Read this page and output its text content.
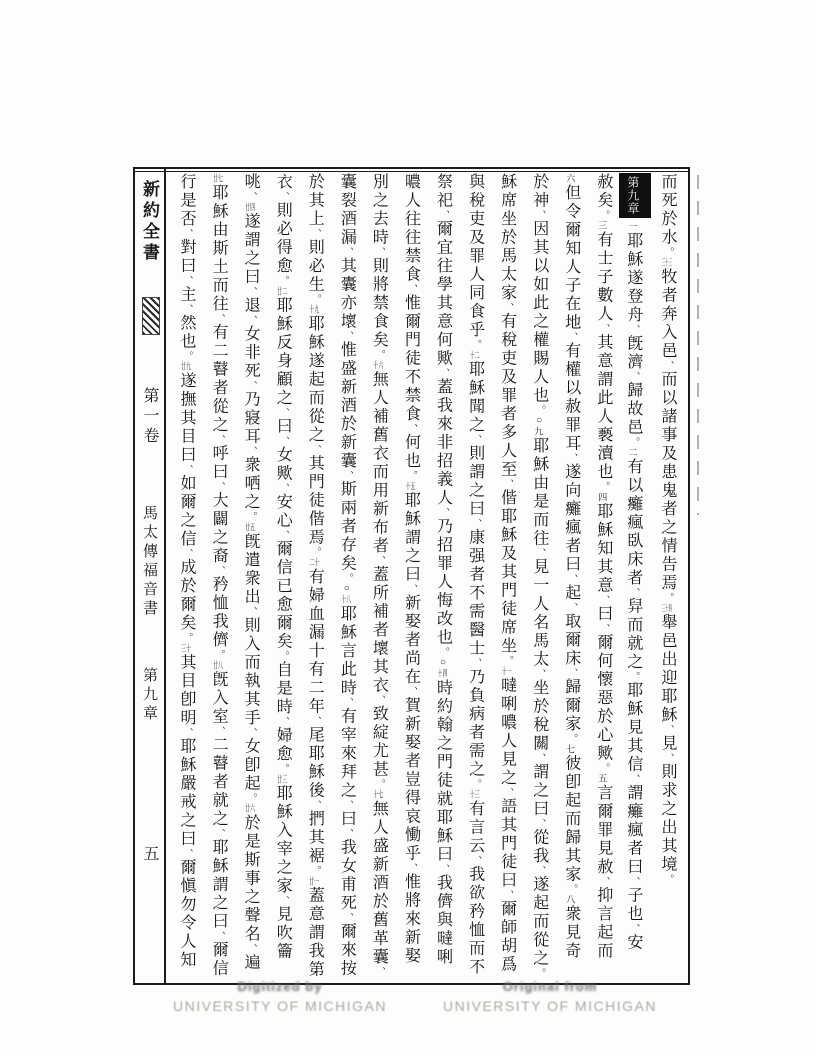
新約全書
第一卷
馬太傳福音書
第九章
五
而死於水。三十三牧者奔入邑、而以諸事及患鬼者之情告焉。三十四舉邑出迎耶穌、見、則求之出其境。
第九章一耶穌遂登舟、旣濟、歸故邑。二有以癱瘋臥床者、舁而就之。耶穌見其信、謂癱瘋者曰、子也、安
赦矣。三有士子數人、其意謂此人褻瀆也。四耶穌知其意、曰、爾何懷惡於心歟。五言爾罪見赦、抑言起而
六但令爾知人子在地、有權以赦罪耳、遂向癱瘋者曰、起、取爾床、歸爾家。七彼卽起而歸其家。八衆見奇
於神、因其以如此之權賜人也。○九耶穌由是而往、見一人名馬太、坐於稅關、謂之曰、從我、遂起而從之。
穌席坐於馬太家、有稅吏及罪者多人至、偕耶穌及其門徒席坐。十一噠唎噥人見之、語其門徒曰、爾師胡爲
與稅吏及罪人同食乎。十二耶穌聞之、則謂之曰、康强者不需醫士、乃負病者需之。十三有言云、我欲矜恤而不
祭祀、爾宜往學其意何歟、蓋我來非招義人、乃招罪人悔改也。○十四時約翰之門徒就耶穌曰、我儕與噠唎
噥人往往禁食、惟爾門徒不禁食、何也。十五耶穌謂之曰、新娶者尚在、賀新娶者豈得哀慟乎、惟將來新娶
別之去時、則將禁食矣。十六無人補舊衣而用新布者、蓋所補者壞其衣、致綻尤甚。十七無人盛新酒於舊革囊、
囊裂酒漏、其囊亦壞、惟盛新酒於新囊、斯兩者存矣。○十八耶穌言此時、有宰來拜之、曰、我女甫死、爾來按
於其上、則必生。十九耶穌遂起而從之、其門徒偕焉。二十有婦血漏十有二年、尾耶穌後、捫其裾。廿一蓋意謂我第
衣、則必得愈。廿二耶穌反身顧之、曰、女歟、安心、爾信已愈爾矣。自是時、婦愈。廿三耶穌入宰之家、見吹籥
咷、廿四遂謂之曰、退、女非死、乃寢耳、衆哂之。廿五旣遣衆出、則入而執其手、女卽起。廿六於是斯事之聲名、遍
廿七耶穌由斯土而往、有二瞽者從之、呼曰、大闢之裔、矜恤我儕。廿八旣入室、二瞽者就之、耶穌謂之曰、爾信
行是否、對曰、主、然也。廿九遂撫其目曰、如爾之信、成於爾矣。三十其目卽明、耶穌嚴戒之曰、爾愼勿令人知
Digitized by
UNIVERSITY OF MICHIGAN
Original from
UNIVERSITY OF MICHIGAN
